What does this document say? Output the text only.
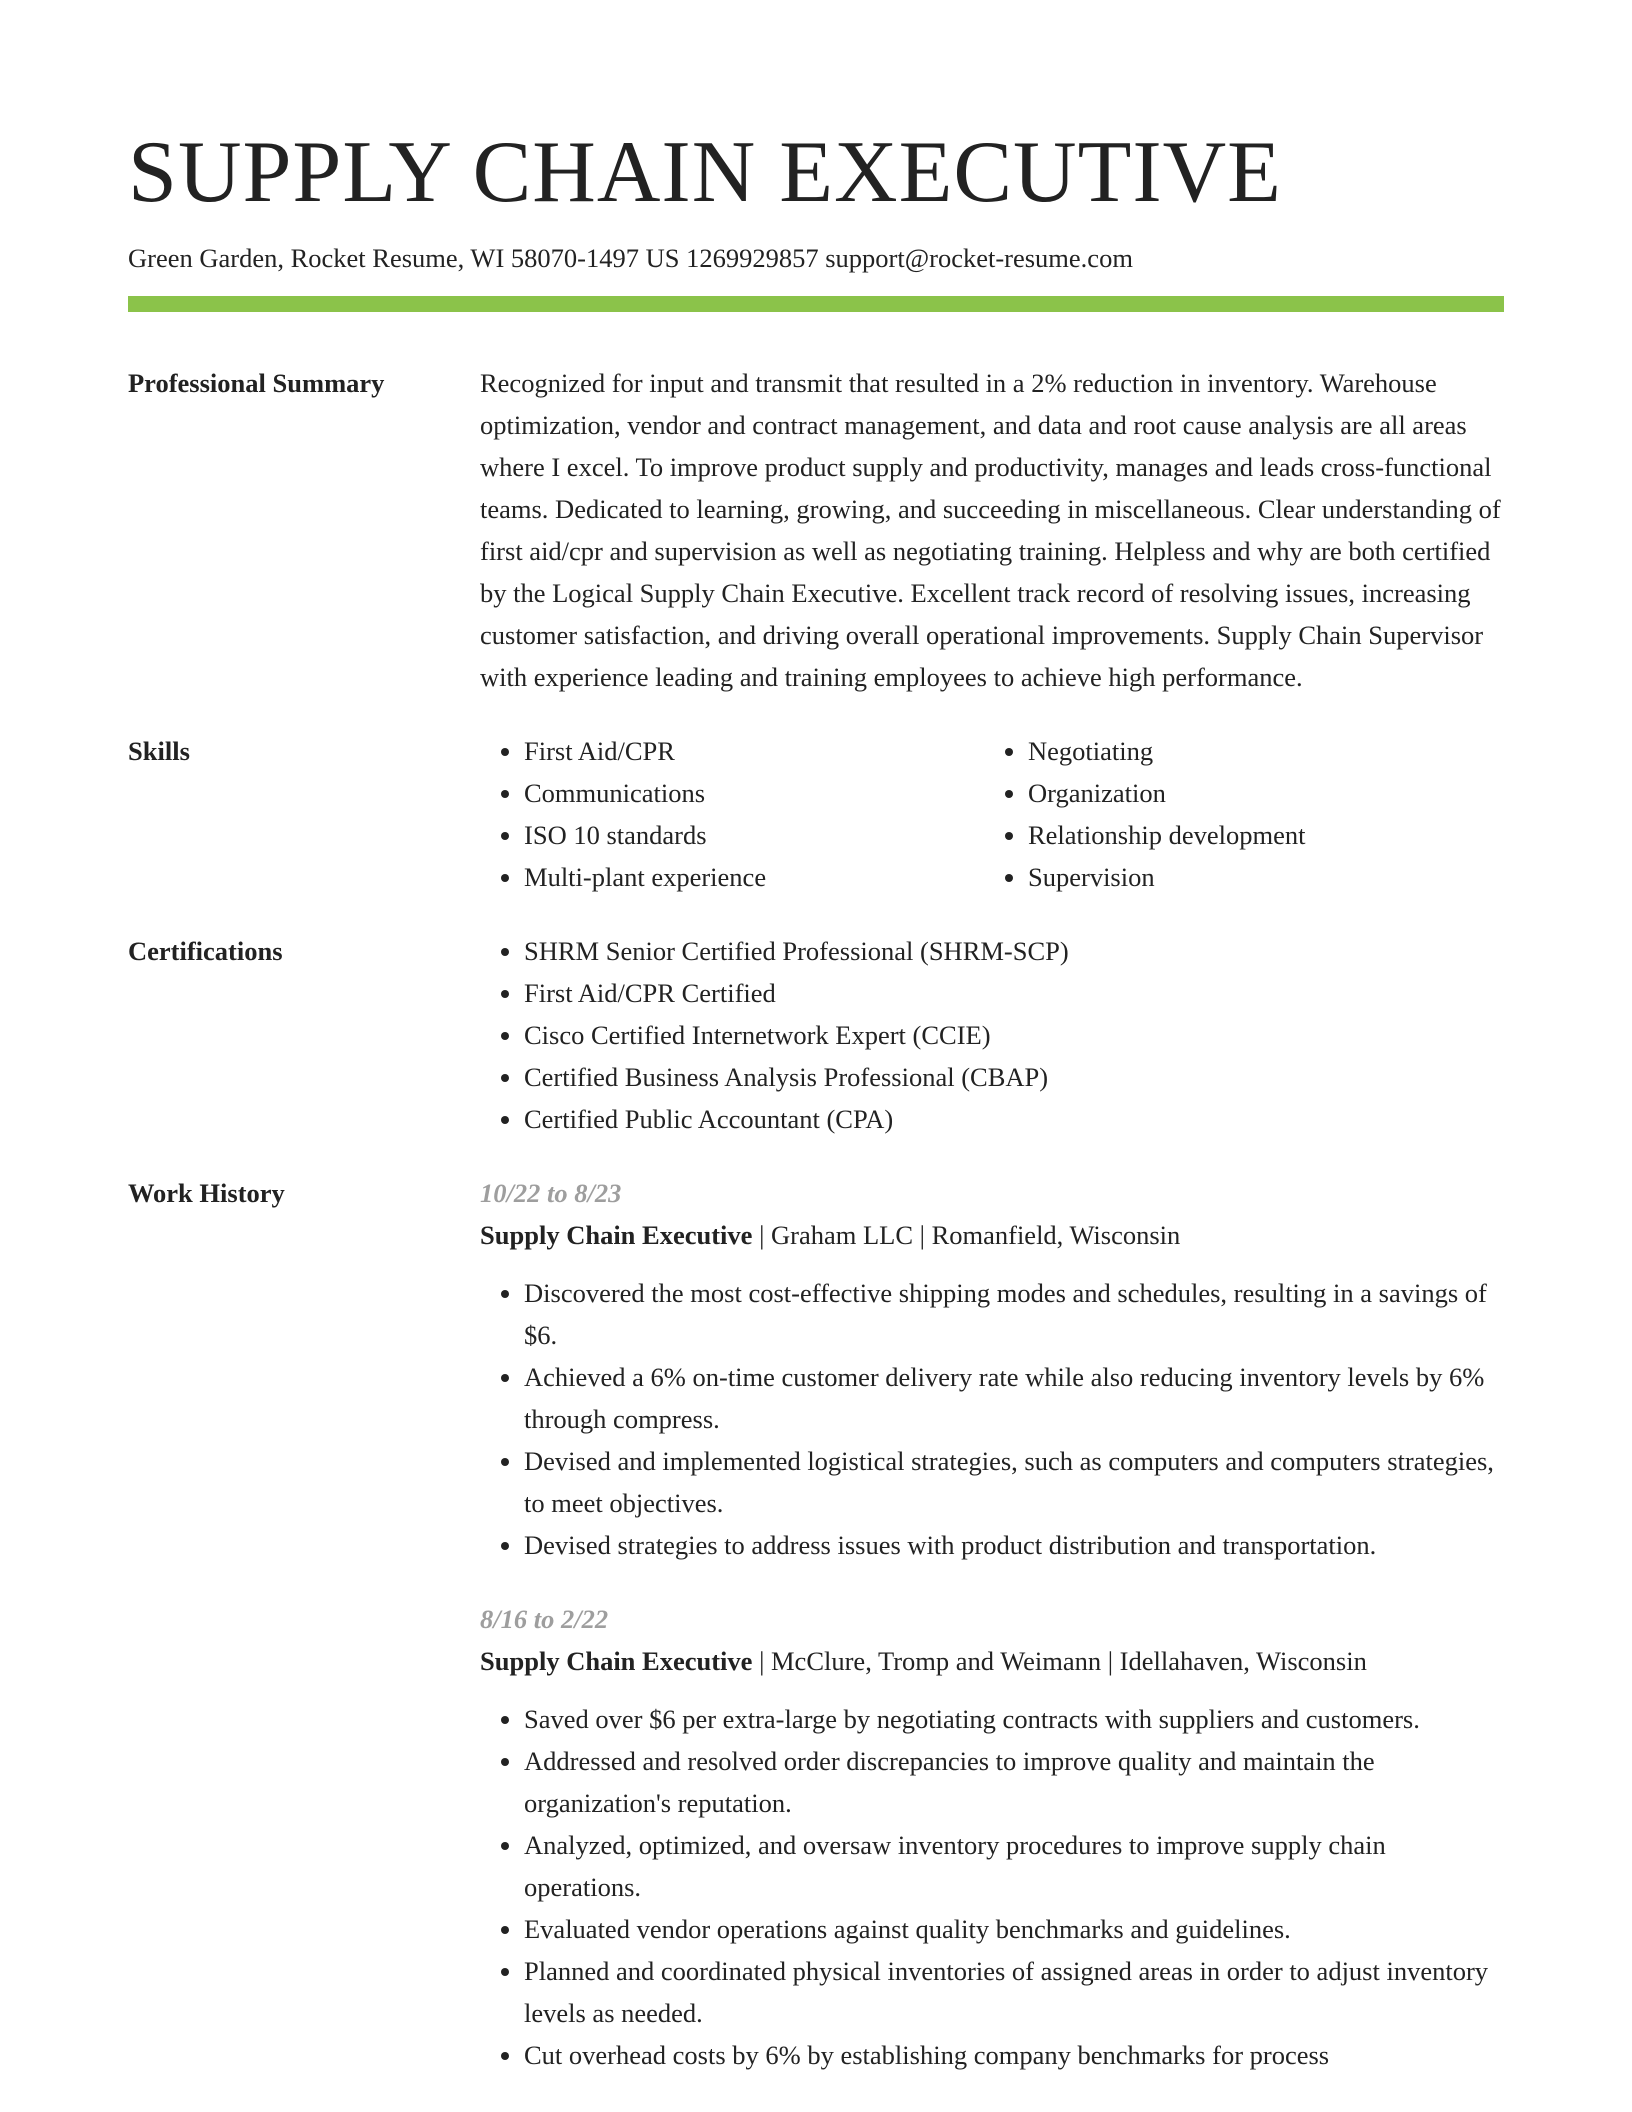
SUPPLY CHAIN EXECUTIVE
Green Garden, Rocket Resume, WI 58070-1497 US 1269929857 support@rocket-resume.com
Professional Summary	Recognized for input and transmit that resulted in a 2% reduction in inventory. Warehouse optimization, vendor and contract management, and data and root cause analysis are all areas where I excel. To improve product supply and productivity, manages and leads cross-functional teams. Dedicated to learning, growing, and succeeding in miscellaneous. Clear understanding of first aid/cpr and supervision as well as negotiating training. Helpless and why are both certified by the Logical Supply Chain Executive. Excellent track record of resolving issues, increasing customer satisfaction, and driving overall operational improvements. Supply Chain Supervisor with experience leading and training employees to achieve high performance.

Skills	• First Aid/CPR
• Communications
• ISO 10 standards
• Multi-plant experience
• Negotiating
• Organization
• Relationship development
• Supervision
Certifications	• SHRM Senior Certified Professional (SHRM-SCP)
• First Aid/CPR Certified
• Cisco Certified Internetwork Expert (CCIE)
• Certified Business Analysis Professional (CBAP)
• Certified Public Accountant (CPA)
Work History	10/22 to 8/23
Supply Chain Executive | Graham LLC | Romanfield, Wisconsin
• Discovered the most cost-effective shipping modes and schedules, resulting in a savings of $6.
• Achieved a 6% on-time customer delivery rate while also reducing inventory levels by 6% through compress.
• Devised and implemented logistical strategies, such as computers and computers strategies, to meet objectives.
• Devised strategies to address issues with product distribution and transportation.
8/16 to 2/22
Supply Chain Executive | McClure, Tromp and Weimann | Idellahaven, Wisconsin
• Saved over $6 per extra-large by negotiating contracts with suppliers and customers.
• Addressed and resolved order discrepancies to improve quality and maintain the organization's reputation.
• Analyzed, optimized, and oversaw inventory procedures to improve supply chain operations.
• Evaluated vendor operations against quality benchmarks and guidelines.
• Planned and coordinated physical inventories of assigned areas in order to adjust inventory levels as needed.
• Cut overhead costs by 6% by establishing company benchmarks for process
